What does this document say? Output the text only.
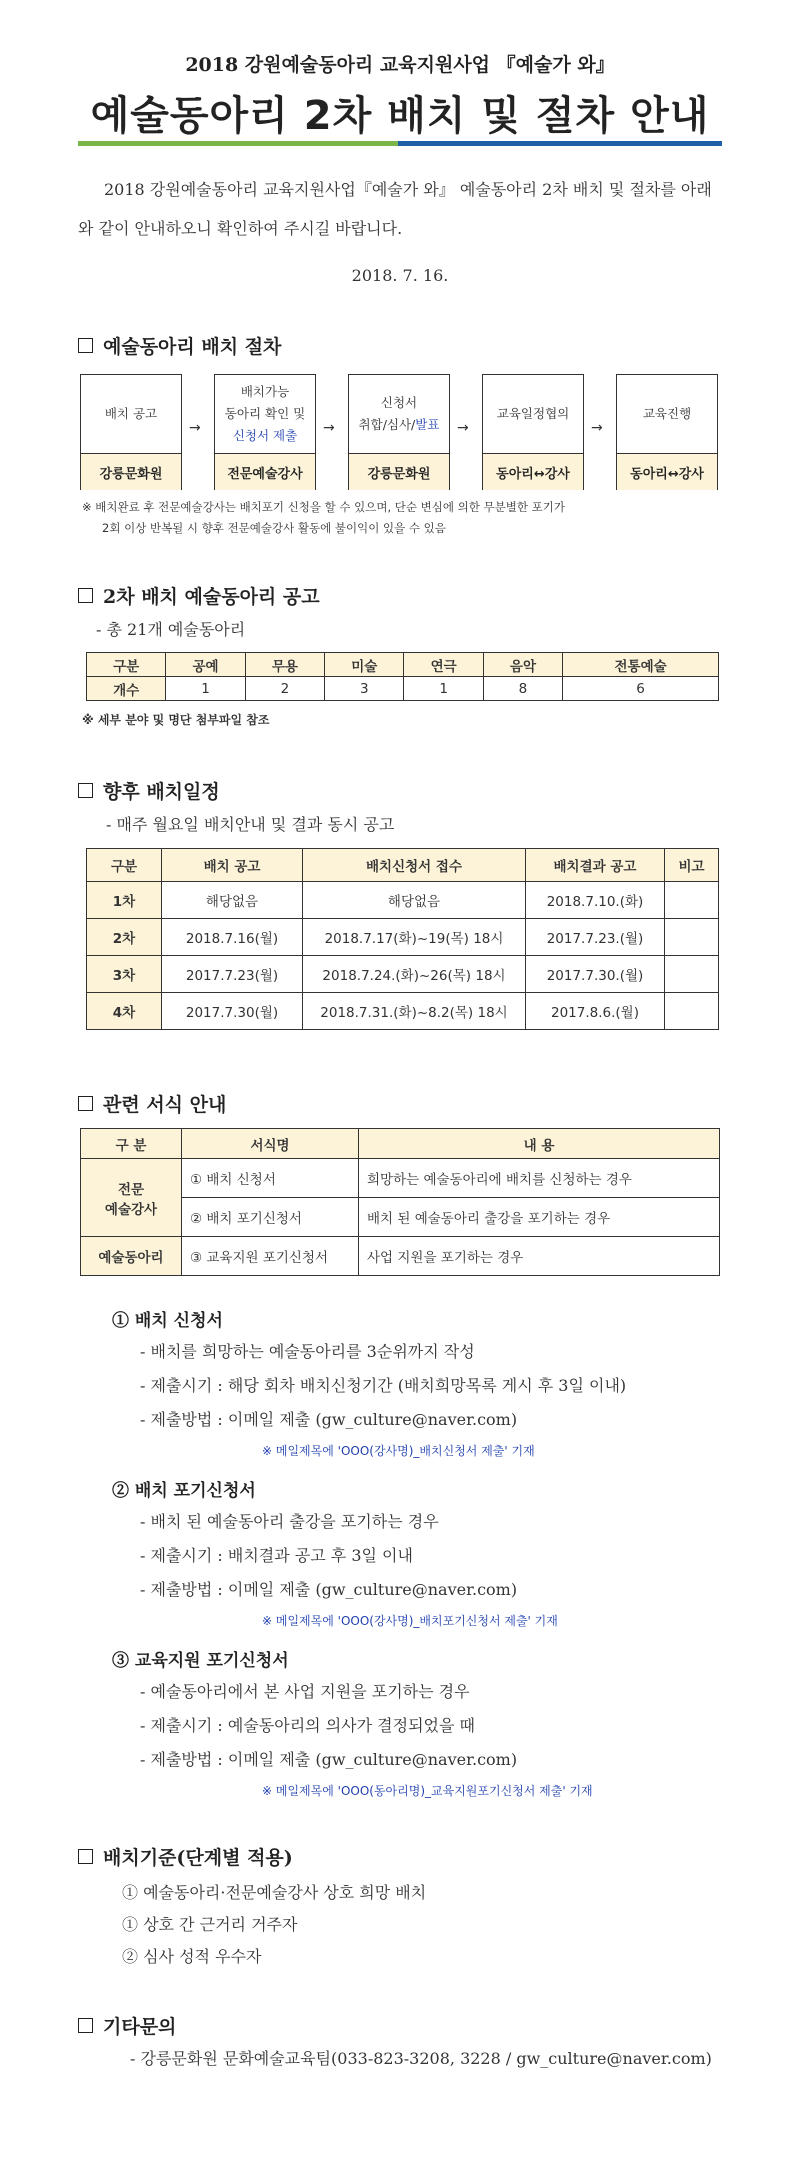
2018 강원예술동아리 교육지원사업 『예술가 와』
예술동아리 2차 배치 및 절차 안내
2018 강원예술동아리 교육지원사업『예술가 와』 예술동아리 2차 배치 및 절차를 아래와 같이 안내하오니 확인하여 주시길 바랍니다.
2018. 7. 16.
예술동아리 배치 절차
배치 공고
강릉문화원
→
배치가능
동아리 확인 및
신청서 제출
전문예술강사
→
신청서
취합/심사/발표
강릉문화원
→
교육일정협의
동아리↔강사
→
교육진행
동아리↔강사
※ 배치완료 후 전문예술강사는 배치포기 신청을 할 수 있으며, 단순 변심에 의한 무분별한 포기가
2회 이상 반복될 시 향후 전문예술강사 활동에 불이익이 있을 수 있음
2차 배치 예술동아리 공고
- 총 21개 예술동아리
구분	공예	무용	미술	연극	음악	전통예술
개수	1	2	3	1	8	6
※ 세부 분야 및 명단 첨부파일 참조
향후 배치일정
- 매주 월요일 배치안내 및 결과 동시 공고
구분	배치 공고	배치신청서 접수	배치결과 공고	비고
1차	해당없음	해당없음	2018.7.10.(화)	
2차	2018.7.16(월)	2018.7.17(화)~19(목) 18시	2017.7.23.(월)	
3차	2017.7.23(월)	2018.7.24.(화)~26(목) 18시	2017.7.30.(월)	
4차	2017.7.30(월)	2018.7.31.(화)~8.2(목) 18시	2017.8.6.(월)	
관련 서식 안내
구 분	서식명	내 용

전문
예술강사	① 배치 신청서	희망하는 예술동아리에 배치를 신청하는 경우
	② 배치 포기신청서	배치 된 예술동아리 출강을 포기하는 경우
예술동아리	③ 교육지원 포기신청서	사업 지원을 포기하는 경우
① 배치 신청서
- 배치를 희망하는 예술동아리를 3순위까지 작성
- 제출시기 : 해당 회차 배치신청기간 (배치희망목록 게시 후 3일 이내)
- 제출방법 : 이메일 제출 (gw_culture@naver.com)
※ 메일제목에 'OOO(강사명)_배치신청서 제출' 기재
② 배치 포기신청서
- 배치 된 예술동아리 출강을 포기하는 경우
- 제출시기 : 배치결과 공고 후 3일 이내
- 제출방법 : 이메일 제출 (gw_culture@naver.com)
※ 메일제목에 'OOO(강사명)_배치포기신청서 제출' 기재
③ 교육지원 포기신청서
- 예술동아리에서 본 사업 지원을 포기하는 경우
- 제출시기 : 예술동아리의 의사가 결정되었을 때
- 제출방법 : 이메일 제출 (gw_culture@naver.com)
※ 메일제목에 'OOO(동아리명)_교육지원포기신청서 제출' 기재
배치기준(단계별 적용)
① 예술동아리·전문예술강사 상호 희망 배치
① 상호 간 근거리 거주자
② 심사 성적 우수자
기타문의
- 강릉문화원 문화예술교육팀(033-823-3208, 3228 / gw_culture@naver.com)
